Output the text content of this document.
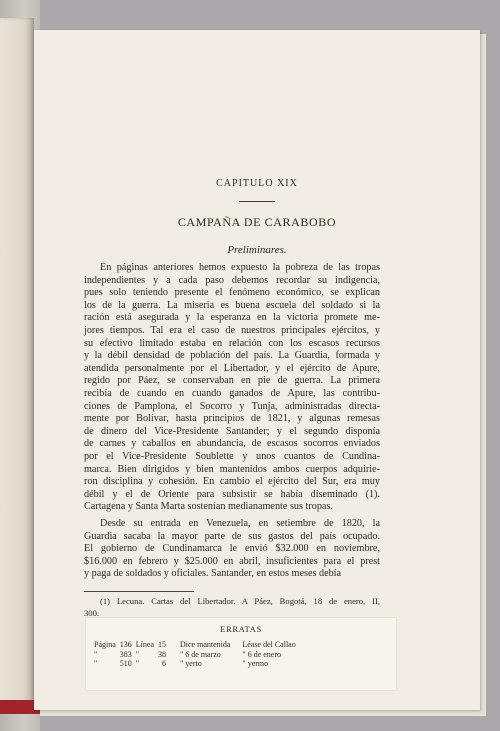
CAPITULO XIX
CAMPAÑA DE CARABOBO
Preliminares.
En páginas anteriores hemos expuesto la pobreza de las tropas
independientes y a cada paso debemos recordar su indigencia,
pues solo teniendo presente el fenómeno económico, se explican
los de la guerra. La miseria es buena escuela del soldado si la
ración está asegurada y la esperanza en la victoria promete me-
jores tiempos. Tal era el caso de nuestros principales ejércitos, y
su efectivo limitado estaba en relación con los escasos recursos
y la débil densidad de población del país. La Guardia, formada y
atendida personalmente por el Libertador, y el ejército de Apure,
regido por Páez, se conservaban en pie de guerra. La primera
recibía de cuando en cuando ganados de Apure, las contribu-
ciones de Pamplona, el Socorro y Tunja, administradas directa-
mente por Bolívar, hasta principios de 1821, y algunas remesas
de dinero del Vice-Presidente Santander; y el segundo disponía
de carnes y caballos en abundancia, de escasos socorros enviados
por el Vice-Presidente Soublette y unos cuantos de Cundina-
marca. Bien dirigidos y bien mantenidos ambos cuerpos adquirie-
ron disciplina y cohesión. En cambio el ejército del Sur, era muy
débil y el de Oriente para subsistir se había diseminado (1).
Cartagena y Santa Marta sostenían medianamente sus tropas.
Desde su entrada en Venezuela, en setiembre de 1820, la
Guardia sacaba la mayor parte de sus gastos del país ocupado.
El gobierno de Cundinamarca le envió $32.000 en noviembre,
$16.000 en febrero y $25.000 en abril, insuficientes para el prest
y paga de soldados y oficiales. Santander, en estos meses debía
(1) Lecuna. Cartas del Libertador. A Páez, Bogotá, 18 de enero, II,
300.
ERRATAS
Página	136	Línea	15	Dice mantenida	Léase del Callao
"	383	"	38	" 6 de marzo	" 6 de enero
"	510	"	6	" yerto	" yermo
